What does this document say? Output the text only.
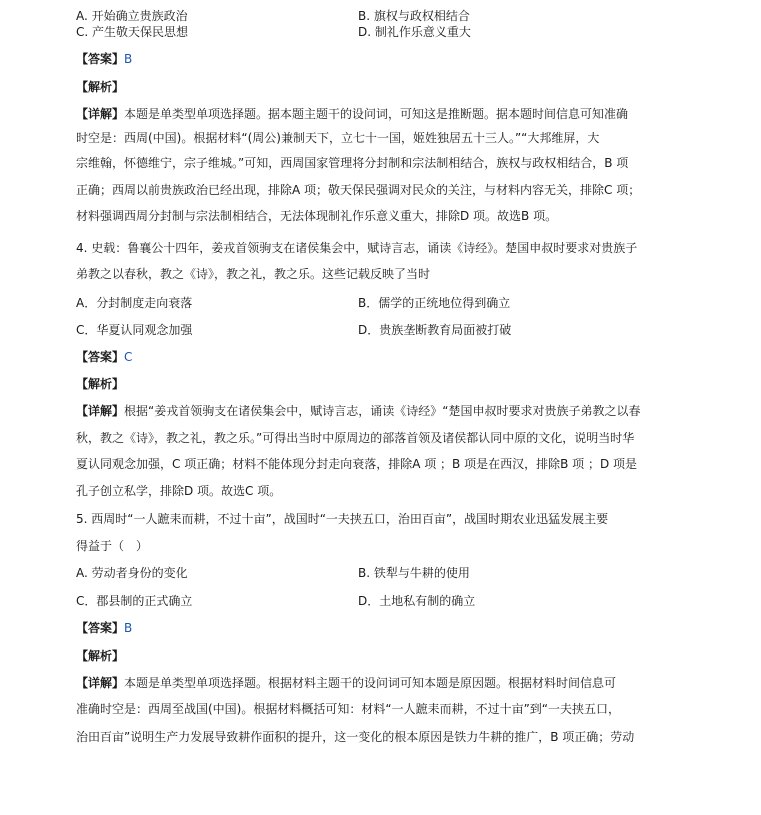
A. 开始确立贵族政治	B. 旗权与政权相结合
C. 产生敬天保民思想	D. 制礼作乐意义重大
【答案】B
【解析】
【详解】本题是单类型单项选择题。据本题主题干的设问词，可知这是推断题。据本题时间信息可知准确
时空是：西周(中国)。根据材料“(周公)兼制天下，立七十一国，姬姓独居五十三人。”“大邦维屏，大
宗维翰，怀德维宁，宗子维城。”可知，西周国家管理将分封制和宗法制相结合，族权与政权相结合，B 项
正确；西周以前贵族政治已经出现，排除A 项；敬天保民强调对民众的关注，与材料内容无关，排除C 项；
材料强调西周分封制与宗法制相结合，无法体现制礼作乐意义重大，排除D 项。故选B 项。
4. 史载：鲁襄公十四年，姜戎首领驹支在诸侯集会中，赋诗言志，诵读《诗经》。楚国申叔时要求对贵族子
弟教之以春秋，教之《诗》，教之礼，教之乐。这些记载反映了当时
A．分封制度走向衰落	B．儒学的正统地位得到确立
C．华夏认同观念加强	D．贵族垄断教育局面被打破
【答案】C
【解析】
【详解】根据“姜戎首领驹支在诸侯集会中，赋诗言志，诵读《诗经》“楚国申叔时要求对贵族子弟教之以春
秋，教之《诗》，教之礼，教之乐。”可得出当时中原周边的部落首领及诸侯都认同中原的文化，说明当时华
夏认同观念加强，C 项正确；材料不能体现分封走向衰落，排除A 项 ；B 项是在西汉，排除B 项 ；D 项是
孔子创立私学，排除D 项。故选C 项。
5. 西周时“一人蹠耒而耕，不过十亩”，战国时“一夫挟五口，治田百亩”，战国时期农业迅猛发展主要
得益于（　）
A. 劳动者身份的变化	B. 铁犁与牛耕的使用
C．郡县制的正式确立	D．土地私有制的确立
【答案】B
【解析】
【详解】本题是单类型单项选择题。根据材料主题干的设问词可知本题是原因题。根据材料时间信息可
准确时空是：西周至战国(中国)。根据材料概括可知：材料“一人蹠耒而耕，不过十亩”到“一夫挟五口，
治田百亩”说明生产力发展导致耕作面积的提升，这一变化的根本原因是铁力牛耕的推广，B 项正确；劳动
